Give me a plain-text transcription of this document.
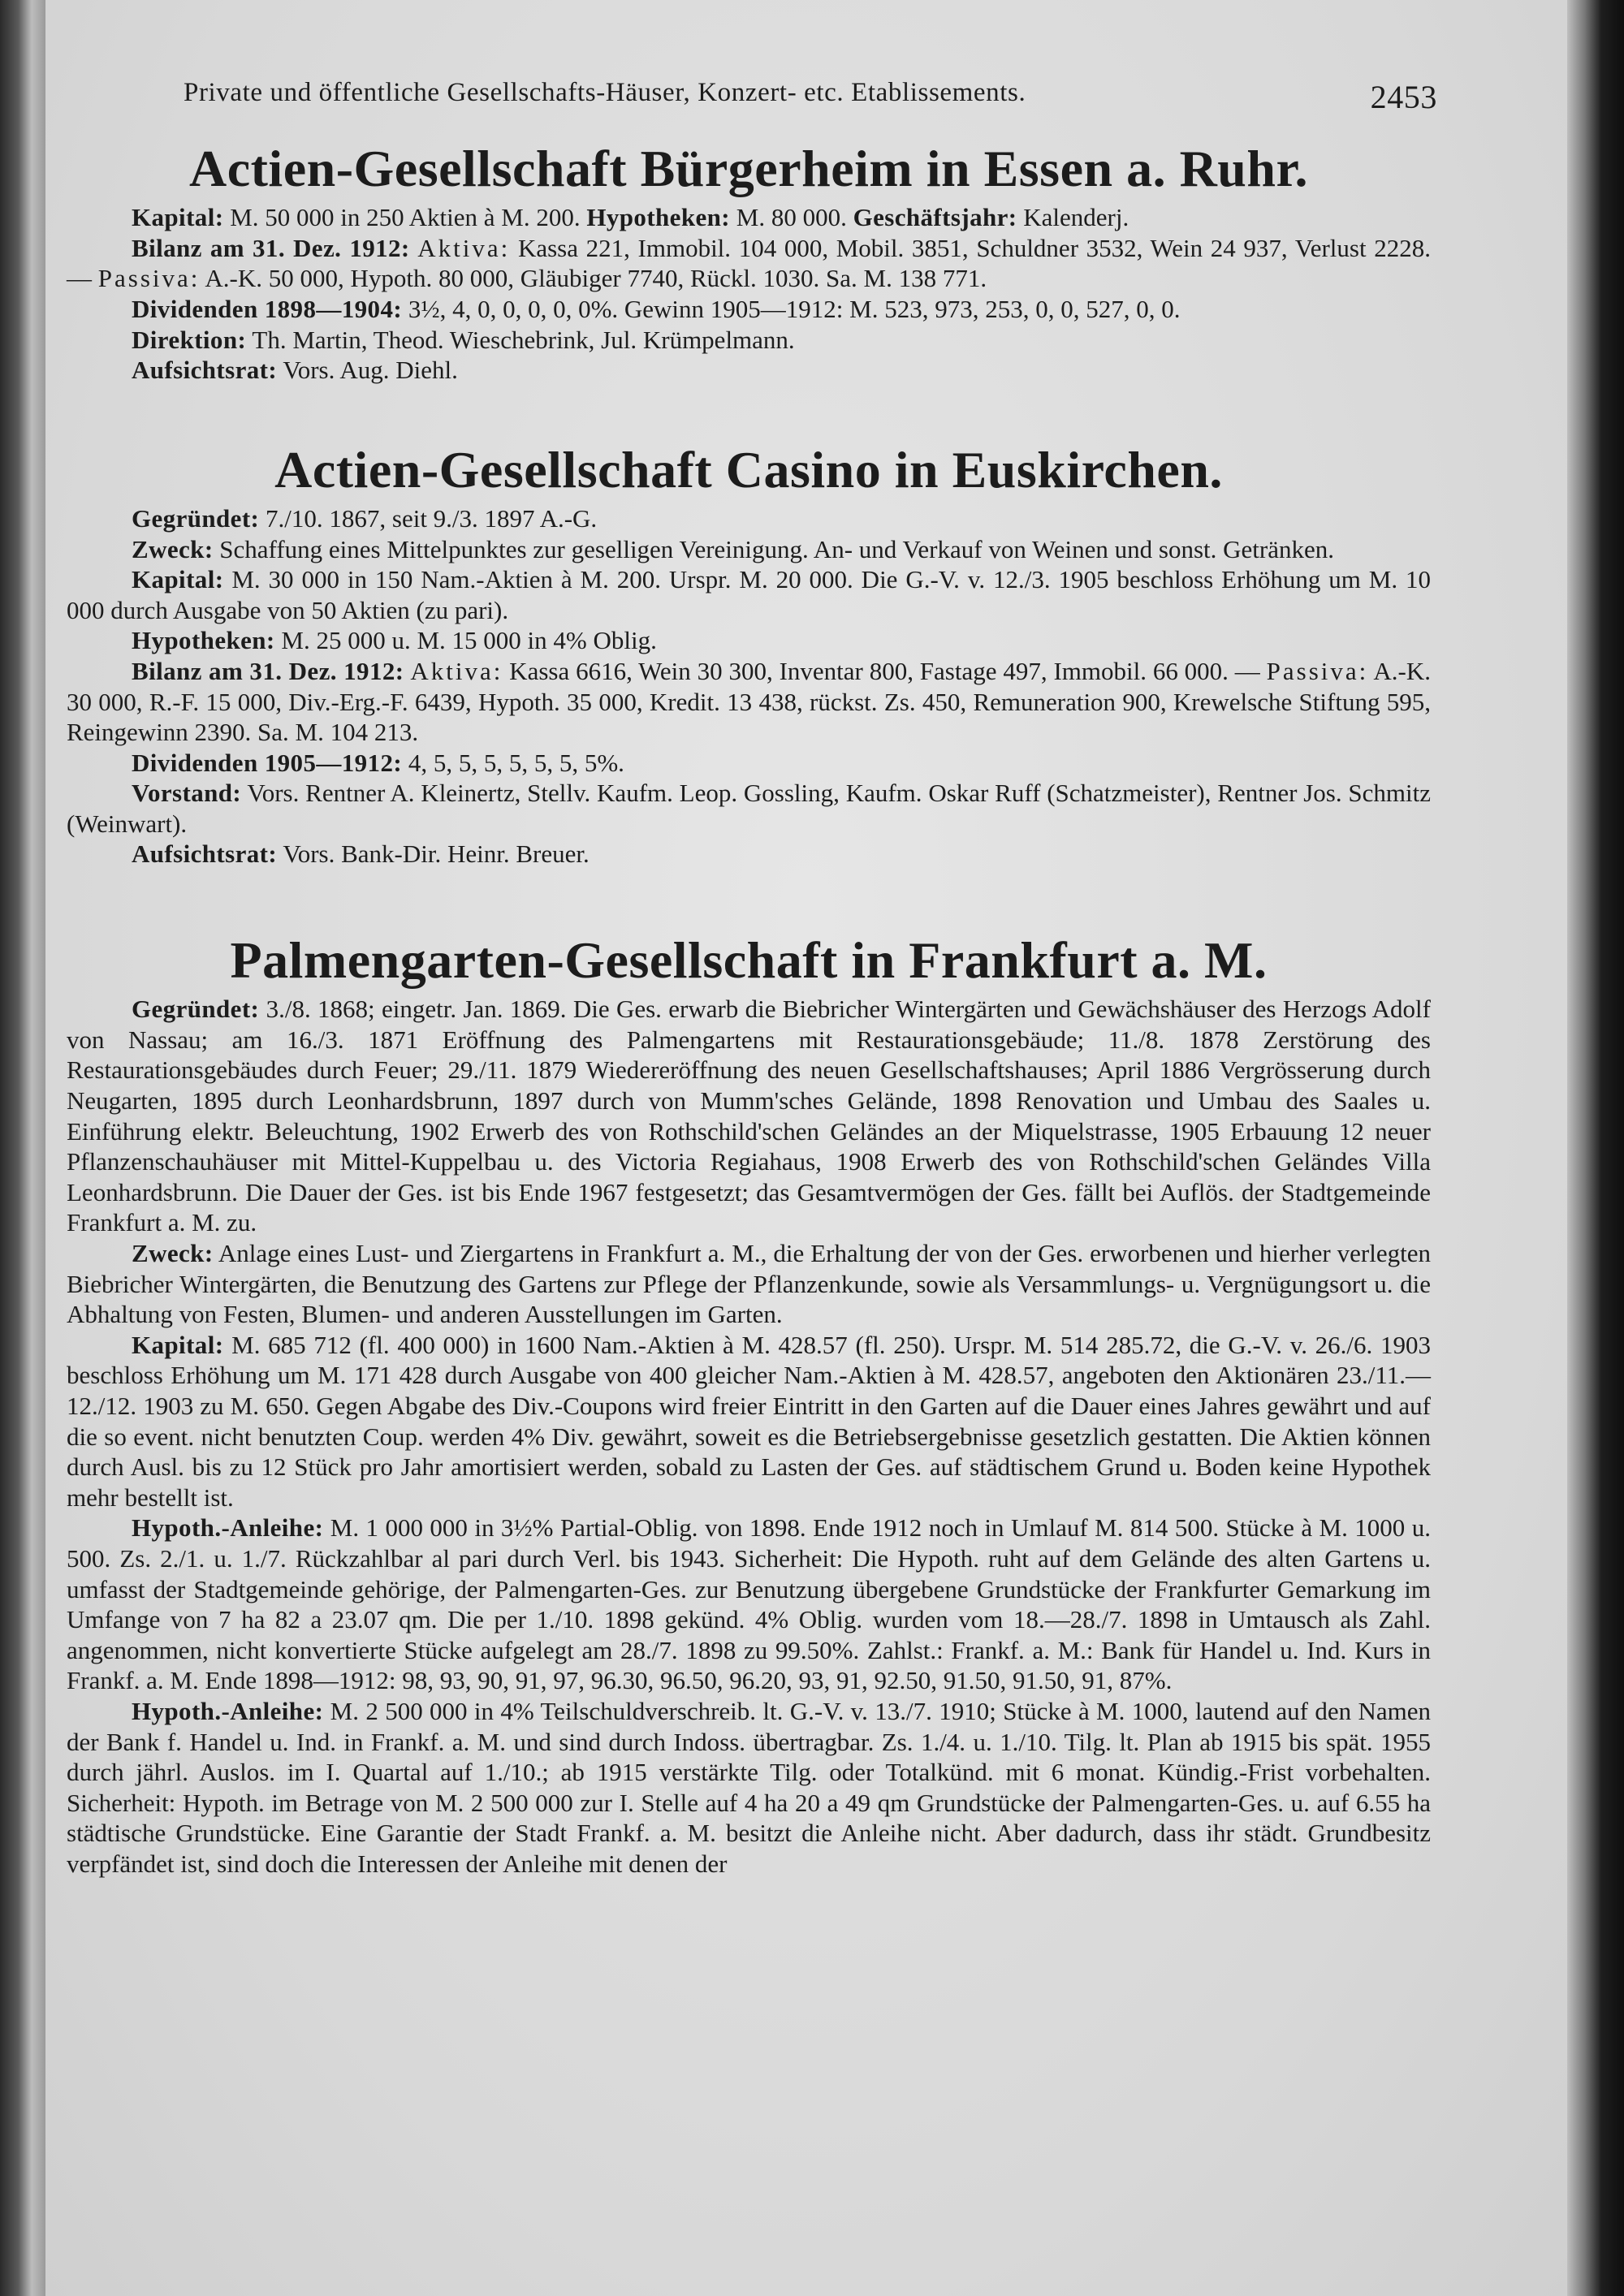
Private und öffentliche Gesellschafts-Häuser, Konzert- etc. Etablissements.	2453
Actien-Gesellschaft Bürgerheim in Essen a. Ruhr.

Kapital: M. 50 000 in 250 Aktien à M. 200. Hypotheken: M. 80 000. Geschäftsjahr: Kalenderj.

Bilanz am 31. Dez. 1912: Aktiva: Kassa 221, Immobil. 104 000, Mobil. 3851, Schuldner 3532, Wein 24 937, Verlust 2228. — Passiva: A.-K. 50 000, Hypoth. 80 000, Gläubiger 7740, Rückl. 1030. Sa. M. 138 771.

Dividenden 1898—1904: 3½, 4, 0, 0, 0, 0, 0%. Gewinn 1905—1912: M. 523, 973, 253, 0, 0, 527, 0, 0.

Direktion: Th. Martin, Theod. Wieschebrink, Jul. Krümpelmann.

Aufsichtsrat: Vors. Aug. Diehl.

Actien-Gesellschaft Casino in Euskirchen.

Gegründet: 7./10. 1867, seit 9./3. 1897 A.-G.

Zweck: Schaffung eines Mittelpunktes zur geselligen Vereinigung. An- und Verkauf von Weinen und sonst. Getränken.

Kapital: M. 30 000 in 150 Nam.-Aktien à M. 200. Urspr. M. 20 000. Die G.-V. v. 12./3. 1905 beschloss Erhöhung um M. 10 000 durch Ausgabe von 50 Aktien (zu pari).

Hypotheken: M. 25 000 u. M. 15 000 in 4% Oblig.

Bilanz am 31. Dez. 1912: Aktiva: Kassa 6616, Wein 30 300, Inventar 800, Fastage 497, Immobil. 66 000. — Passiva: A.-K. 30 000, R.-F. 15 000, Div.-Erg.-F. 6439, Hypoth. 35 000, Kredit. 13 438, rückst. Zs. 450, Remuneration 900, Krewelsche Stiftung 595, Reingewinn 2390. Sa. M. 104 213.

Dividenden 1905—1912: 4, 5, 5, 5, 5, 5, 5, 5%.

Vorstand: Vors. Rentner A. Kleinertz, Stellv. Kaufm. Leop. Gossling, Kaufm. Oskar Ruff (Schatzmeister), Rentner Jos. Schmitz (Weinwart).

Aufsichtsrat: Vors. Bank-Dir. Heinr. Breuer.

Palmengarten-Gesellschaft in Frankfurt a. M.

Gegründet: 3./8. 1868; eingetr. Jan. 1869. Die Ges. erwarb die Biebricher Wintergärten und Gewächshäuser des Herzogs Adolf von Nassau; am 16./3. 1871 Eröffnung des Palmengartens mit Restaurationsgebäude; 11./8. 1878 Zerstörung des Restaurationsgebäudes durch Feuer; 29./11. 1879 Wiedereröffnung des neuen Gesellschaftshauses; April 1886 Vergrösserung durch Neugarten, 1895 durch Leonhardsbrunn, 1897 durch von Mumm'sches Gelände, 1898 Renovation und Umbau des Saales u. Einführung elektr. Beleuchtung, 1902 Erwerb des von Rothschild'schen Geländes an der Miquelstrasse, 1905 Erbauung 12 neuer Pflanzenschauhäuser mit Mittel-Kuppelbau u. des Victoria Regiahaus, 1908 Erwerb des von Rothschild'schen Geländes Villa Leonhardsbrunn. Die Dauer der Ges. ist bis Ende 1967 festgesetzt; das Gesamtvermögen der Ges. fällt bei Auflös. der Stadtgemeinde Frankfurt a. M. zu.

Zweck: Anlage eines Lust- und Ziergartens in Frankfurt a. M., die Erhaltung der von der Ges. erworbenen und hierher verlegten Biebricher Wintergärten, die Benutzung des Gartens zur Pflege der Pflanzenkunde, sowie als Versammlungs- u. Vergnügungsort u. die Abhaltung von Festen, Blumen- und anderen Ausstellungen im Garten.

Kapital: M. 685 712 (fl. 400 000) in 1600 Nam.-Aktien à M. 428.57 (fl. 250). Urspr. M. 514 285.72, die G.-V. v. 26./6. 1903 beschloss Erhöhung um M. 171 428 durch Ausgabe von 400 gleicher Nam.-Aktien à M. 428.57, angeboten den Aktionären 23./11.—12./12. 1903 zu M. 650. Gegen Abgabe des Div.-Coupons wird freier Eintritt in den Garten auf die Dauer eines Jahres gewährt und auf die so event. nicht benutzten Coup. werden 4% Div. gewährt, soweit es die Betriebsergebnisse gesetzlich gestatten. Die Aktien können durch Ausl. bis zu 12 Stück pro Jahr amortisiert werden, sobald zu Lasten der Ges. auf städtischem Grund u. Boden keine Hypothek mehr bestellt ist.

Hypoth.-Anleihe: M. 1 000 000 in 3½% Partial-Oblig. von 1898. Ende 1912 noch in Umlauf M. 814 500. Stücke à M. 1000 u. 500. Zs. 2./1. u. 1./7. Rückzahlbar al pari durch Verl. bis 1943. Sicherheit: Die Hypoth. ruht auf dem Gelände des alten Gartens u. umfasst der Stadtgemeinde gehörige, der Palmengarten-Ges. zur Benutzung übergebene Grundstücke der Frankfurter Gemarkung im Umfange von 7 ha 82 a 23.07 qm. Die per 1./10. 1898 gekünd. 4% Oblig. wurden vom 18.—28./7. 1898 in Umtausch als Zahl. angenommen, nicht konvertierte Stücke aufgelegt am 28./7. 1898 zu 99.50%. Zahlst.: Frankf. a. M.: Bank für Handel u. Ind. Kurs in Frankf. a. M. Ende 1898—1912: 98, 93, 90, 91, 97, 96.30, 96.50, 96.20, 93, 91, 92.50, 91.50, 91.50, 91, 87%.

Hypoth.-Anleihe: M. 2 500 000 in 4% Teilschuldverschreib. lt. G.-V. v. 13./7. 1910; Stücke à M. 1000, lautend auf den Namen der Bank f. Handel u. Ind. in Frankf. a. M. und sind durch Indoss. übertragbar. Zs. 1./4. u. 1./10. Tilg. lt. Plan ab 1915 bis spät. 1955 durch jährl. Auslos. im I. Quartal auf 1./10.; ab 1915 verstärkte Tilg. oder Totalkünd. mit 6 monat. Kündig.-Frist vorbehalten. Sicherheit: Hypoth. im Betrage von M. 2 500 000 zur I. Stelle auf 4 ha 20 a 49 qm Grundstücke der Palmengarten-Ges. u. auf 6.55 ha städtische Grundstücke. Eine Garantie der Stadt Frankf. a. M. besitzt die Anleihe nicht. Aber dadurch, dass ihr städt. Grundbesitz verpfändet ist, sind doch die Interessen der Anleihe mit denen der
